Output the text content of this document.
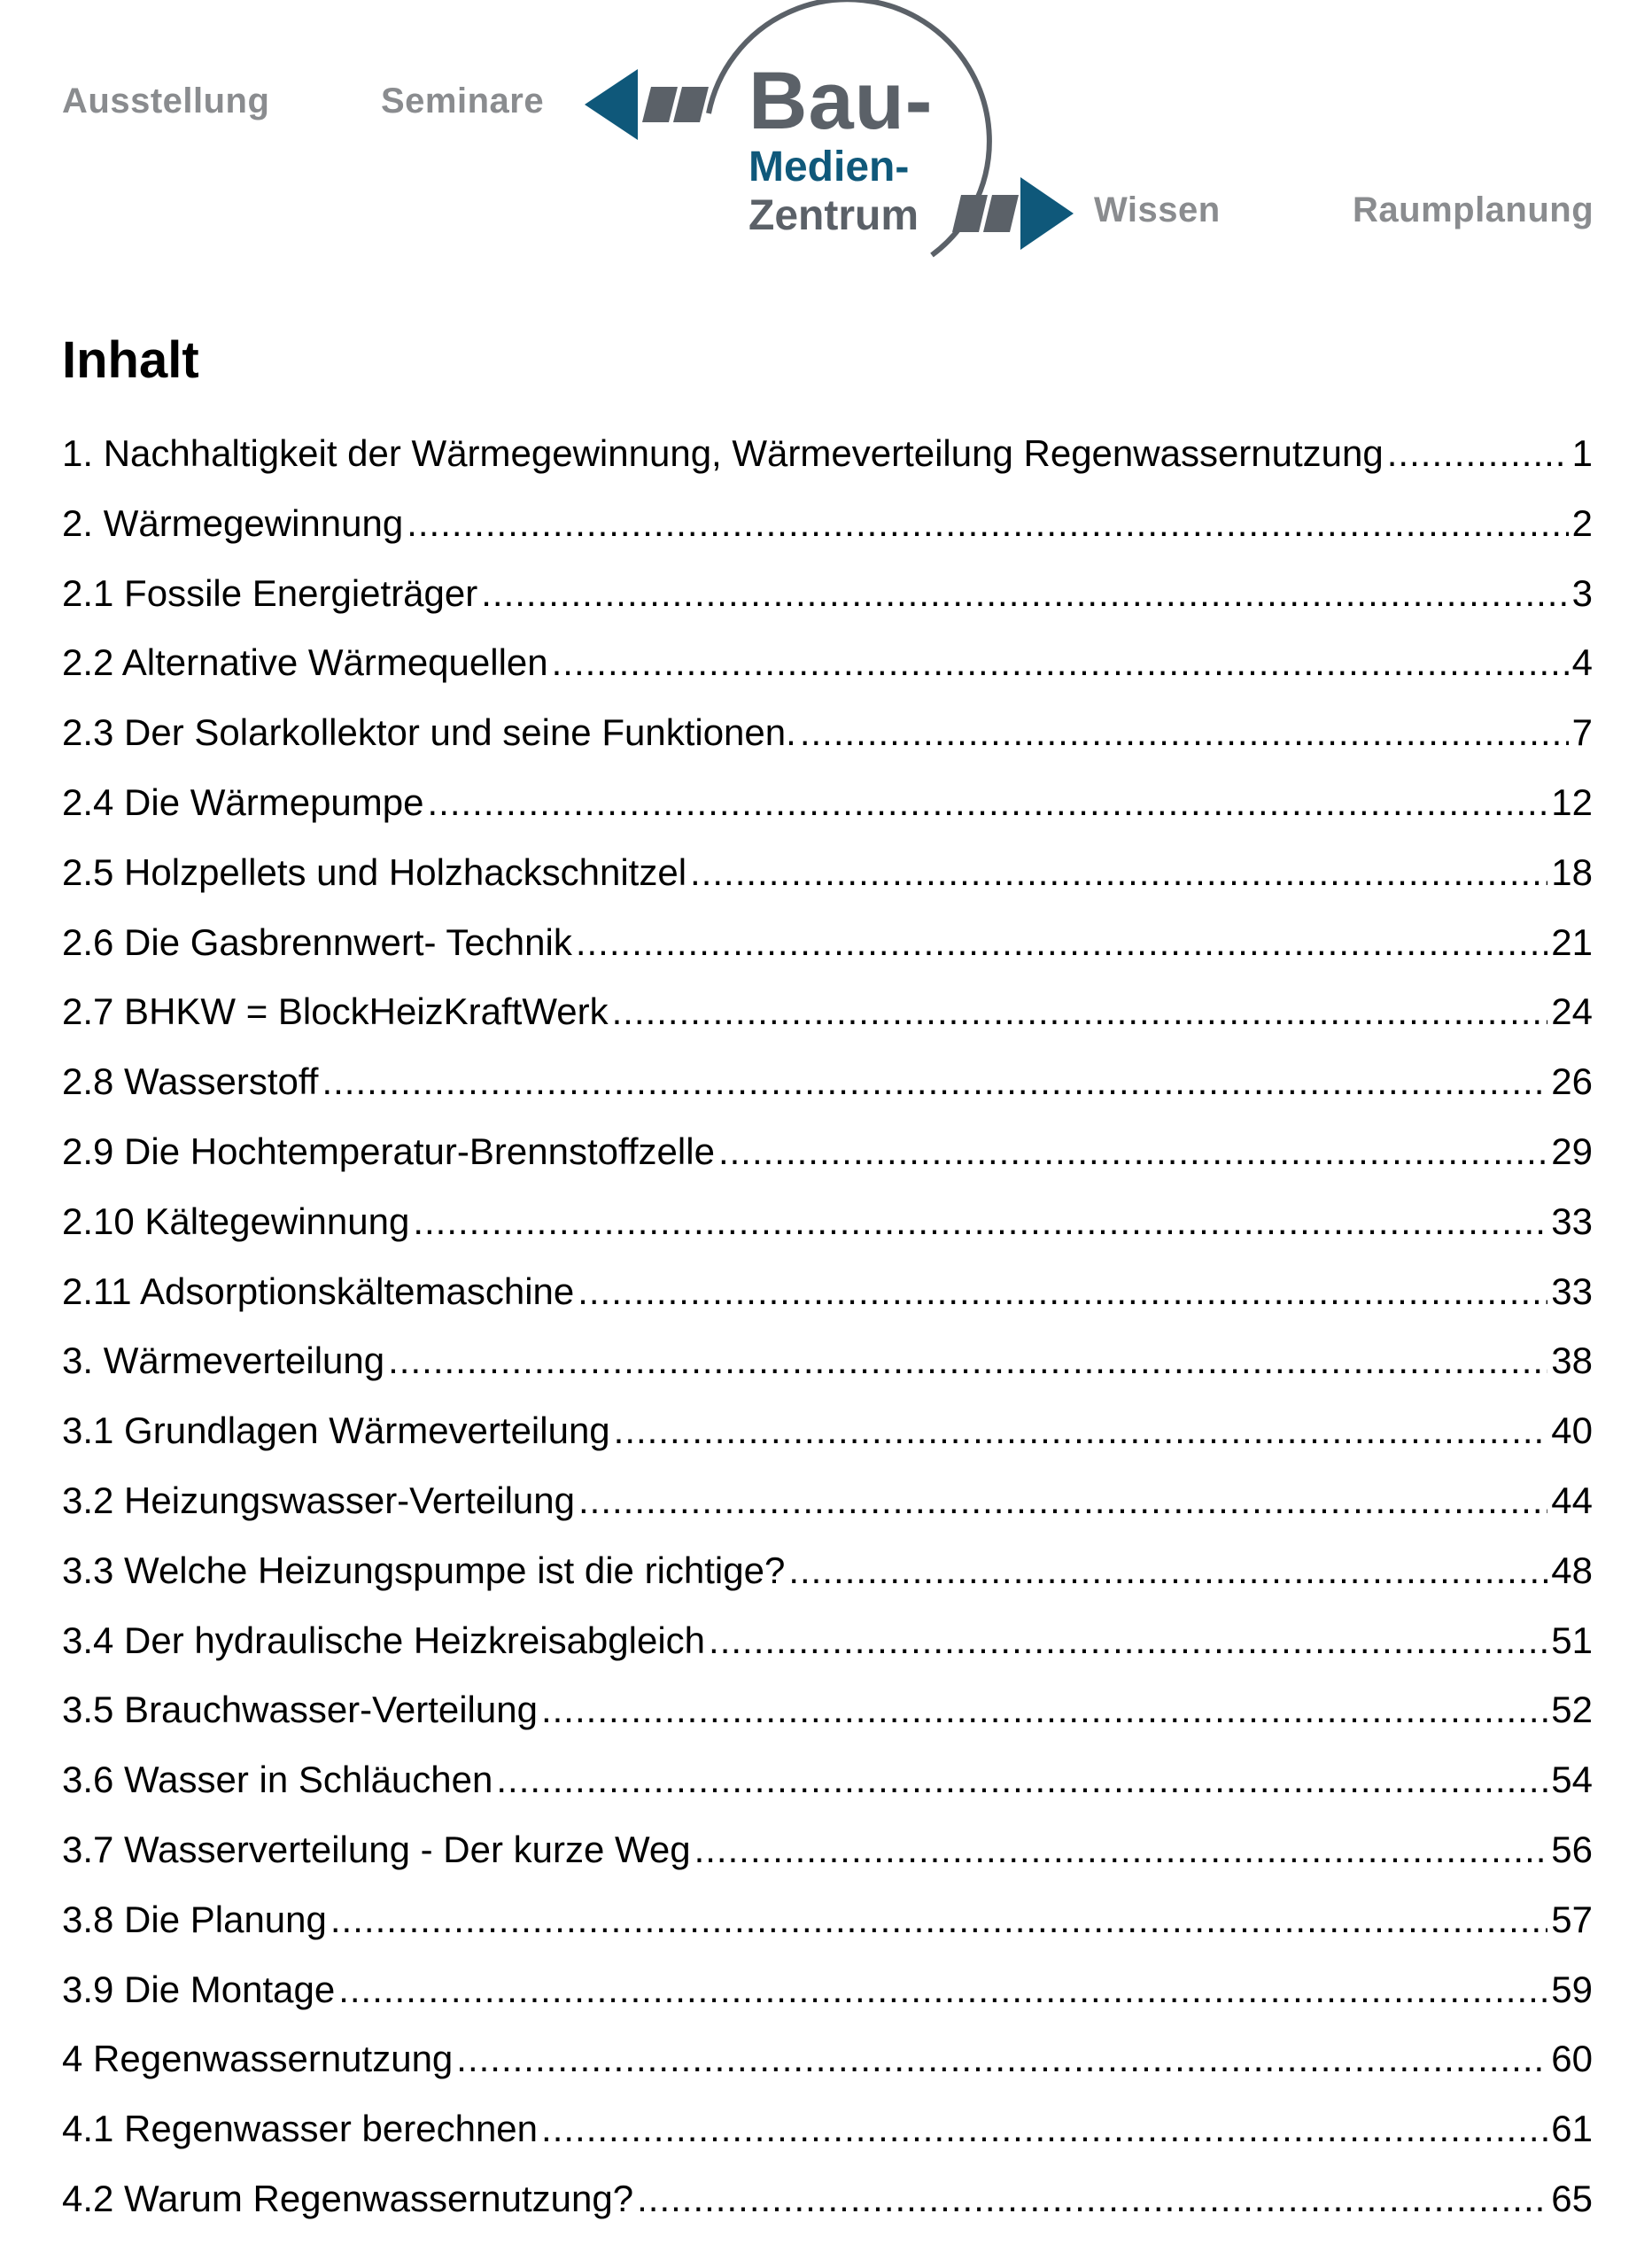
Ausstellung	Seminare	Bau-
Medien-
Zentrum	Wissen	Raumplanung
Inhalt
1. Nachhaltigkeit der Wärmegewinnung, Wärmeverteilung Regenwassernutzung .....	1
2. Wärmegewinnung .....	2
2.1 Fossile Energieträger .....	3
2.2 Alternative Wärmequellen .....	4
2.3 Der Solarkollektor und seine Funktionen. .....	7
2.4 Die Wärmepumpe .....	12
2.5 Holzpellets und Holzhackschnitzel .....	18
2.6 Die Gasbrennwert- Technik .....	21
2.7 BHKW = BlockHeizKraftWerk .....	24
2.8 Wasserstoff .....	26
2.9 Die Hochtemperatur-Brennstoffzelle .....	29
2.10 Kältegewinnung .....	33
2.11 Adsorptionskältemaschine .....	33
3. Wärmeverteilung .....	38
3.1 Grundlagen Wärmeverteilung .....	40
3.2 Heizungswasser-Verteilung .....	44
3.3 Welche Heizungspumpe ist die richtige? .....	48
3.4 Der hydraulische Heizkreisabgleich .....	51
3.5 Brauchwasser-Verteilung .....	52
3.6 Wasser in Schläuchen .....	54
3.7 Wasserverteilung - Der kurze Weg .....	56
3.8 Die Planung .....	57
3.9 Die Montage .....	59
4 Regenwassernutzung .....	60
4.1 Regenwasser berechnen .....	61
4.2 Warum Regenwassernutzung? .....	65
